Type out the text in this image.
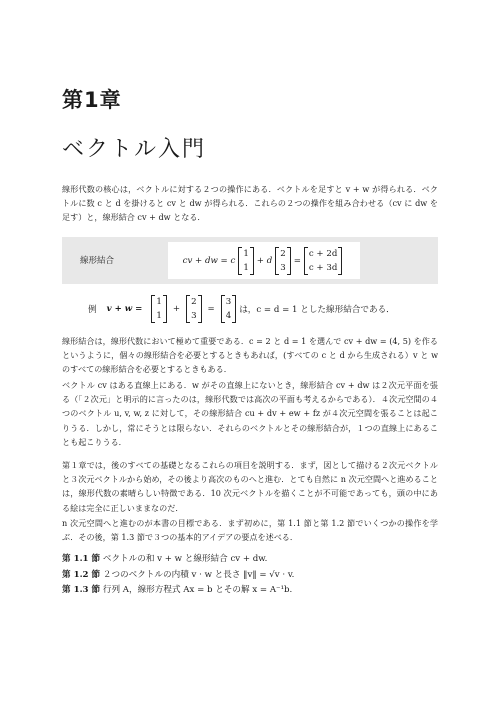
第1章
ベクトル入門
線形代数の核心は，ベクトルに対する２つの操作にある．ベクトルを足すと v + w が得られる．ベクトルに数 c と d を掛けると cv と dw が得られる．これらの２つの操作を組み合わせる（cv に dw を足す）と，線形結合 cv + dw となる．
線形結合	cv + dw = c
1
1
+ d
2
3
=
c + 2d
c + 3d
例 v + w =
1
1
+
2
3
=
3
4
は，c = d = 1 とした線形結合である．
線形結合は，線形代数において極めて重要である．c = 2 と d = 1 を選んで cv + dw = (4, 5) を作るというように，個々の線形結合を必要とするときもあれば，(すべての c と d から生成される）v と w のすべての線形結合を必要とするときもある．
ベクトル cv はある直線上にある．w がその直線上にないとき，線形結合 cv + dw は２次元平面を張る（「２次元」と明示的に言ったのは，線形代数では高次の平面も考えるからである）．４次元空間の４つのベクトル u, v, w, z に対して，その線形結合 cu + dv + ew + fz が４次元空間を張ることは起こりうる．しかし，常にそうとは限らない．それらのベクトルとその線形結合が，１つの直線上にあることも起こりうる．
第１章では，後のすべての基礎となるこれらの項目を説明する．まず，図として描ける２次元ベクトルと３次元ベクトルから始め，その後より高次のものへと進む．とても自然に n 次元空間へと進めることは，線形代数の素晴らしい特徴である．10 次元ベクトルを描くことが不可能であっても，頭の中にある絵は完全に正しいままなのだ．
n 次元空間へと進むのが本書の目標である．まず初めに，第 1.1 節と第 1.2 節でいくつかの操作を学ぶ．その後，第 1.3 節で３つの基本的アイデアの要点を述べる．
第 1.1 節 ベクトルの和 v + w と線形結合 cv + dw.
第 1.2 節 ２つのベクトルの内積 v · w と長さ ‖v‖ = √v · v.
第 1.3 節 行列 A，線形方程式 Ax = b とその解 x = A⁻¹b.
